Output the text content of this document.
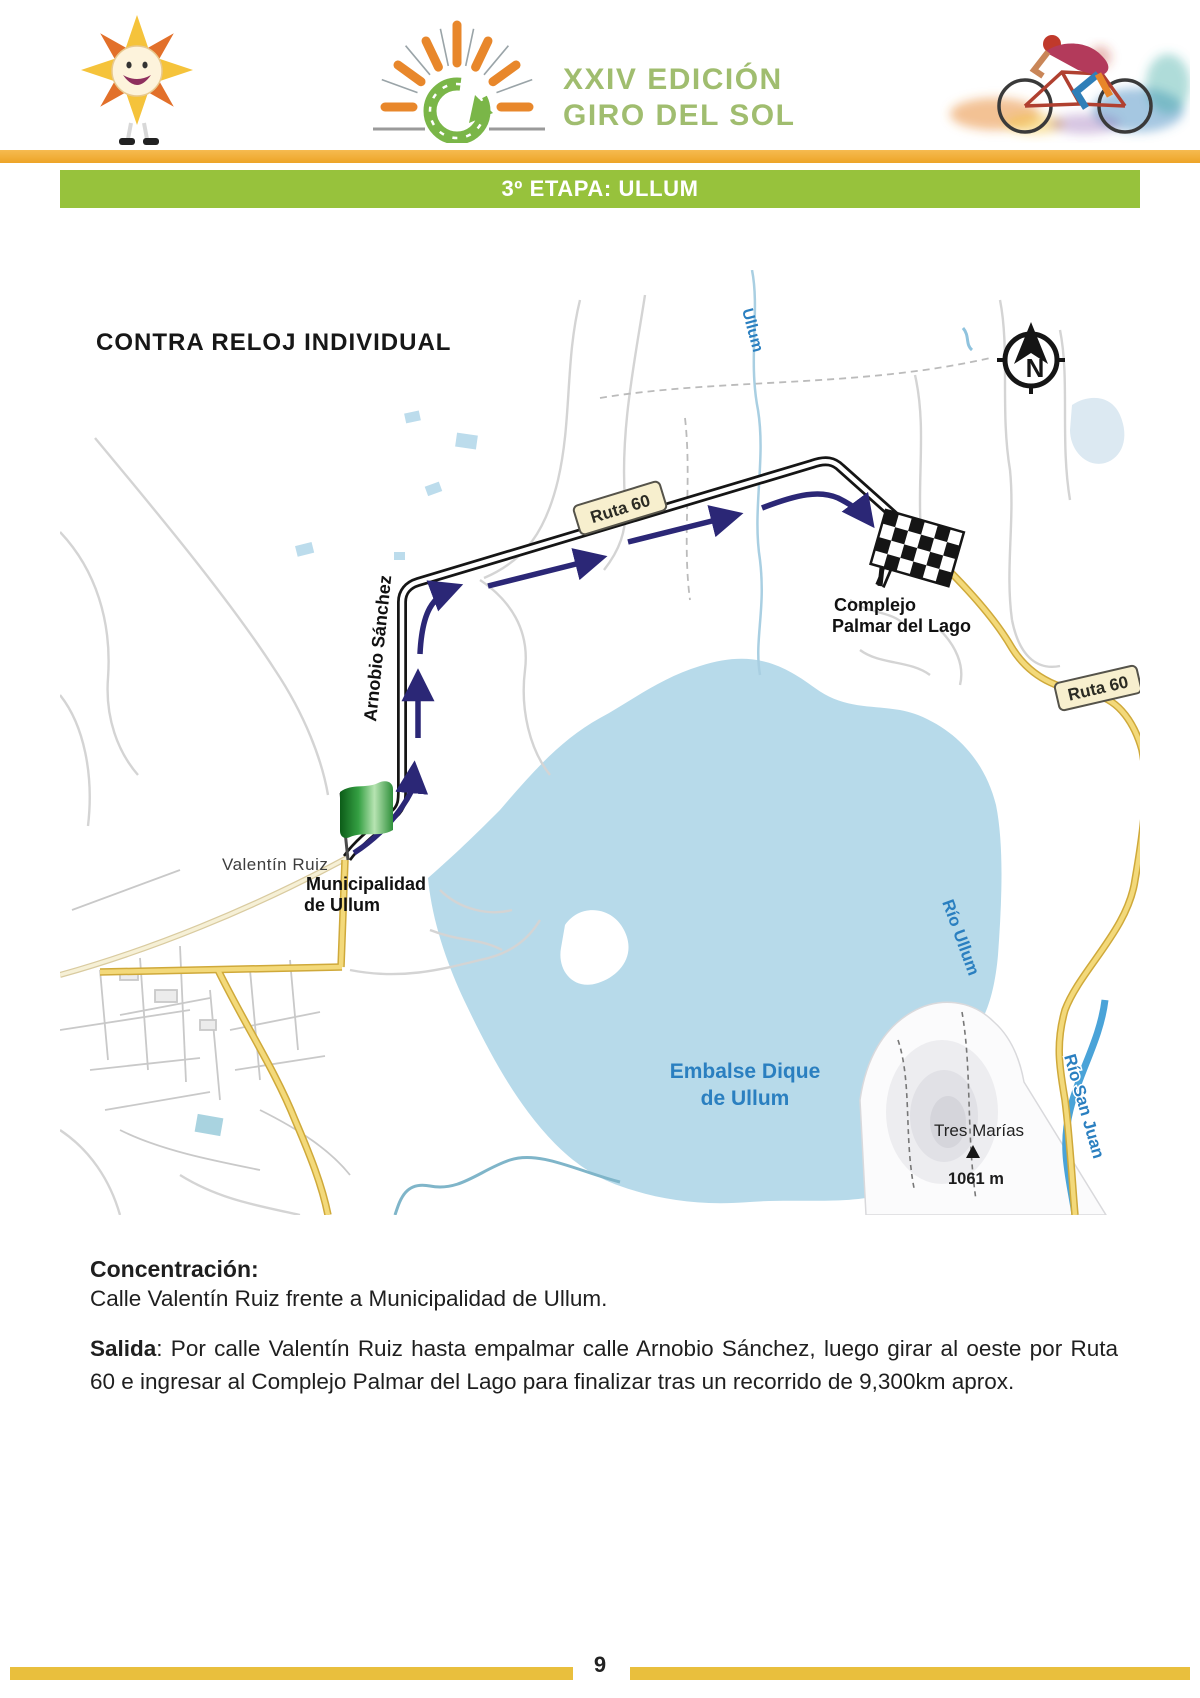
XXIV EDICIÓN
GIRO DEL SOL
3º ETAPA: ULLUM
N
Ruta 60
Ruta 60
CONTRA RELOJ INDIVIDUAL	Ullum
Arnobio Sánchez
Valentín Ruiz
Municipalidad
de Ullum
Complejo
Palmar del Lago
Embalse Dique
de Ullum
Río Ullum
Río San Juan
Tres Marías
1061 m

Concentración:

Calle Valentín Ruiz frente a Municipalidad de Ullum.

Salida: Por calle Valentín Ruiz hasta empalmar calle Arnobio Sánchez, luego girar al oeste por Ruta 60 e ingresar al Complejo Palmar del Lago para finalizar tras un recorrido de 9,300km aprox.

9
